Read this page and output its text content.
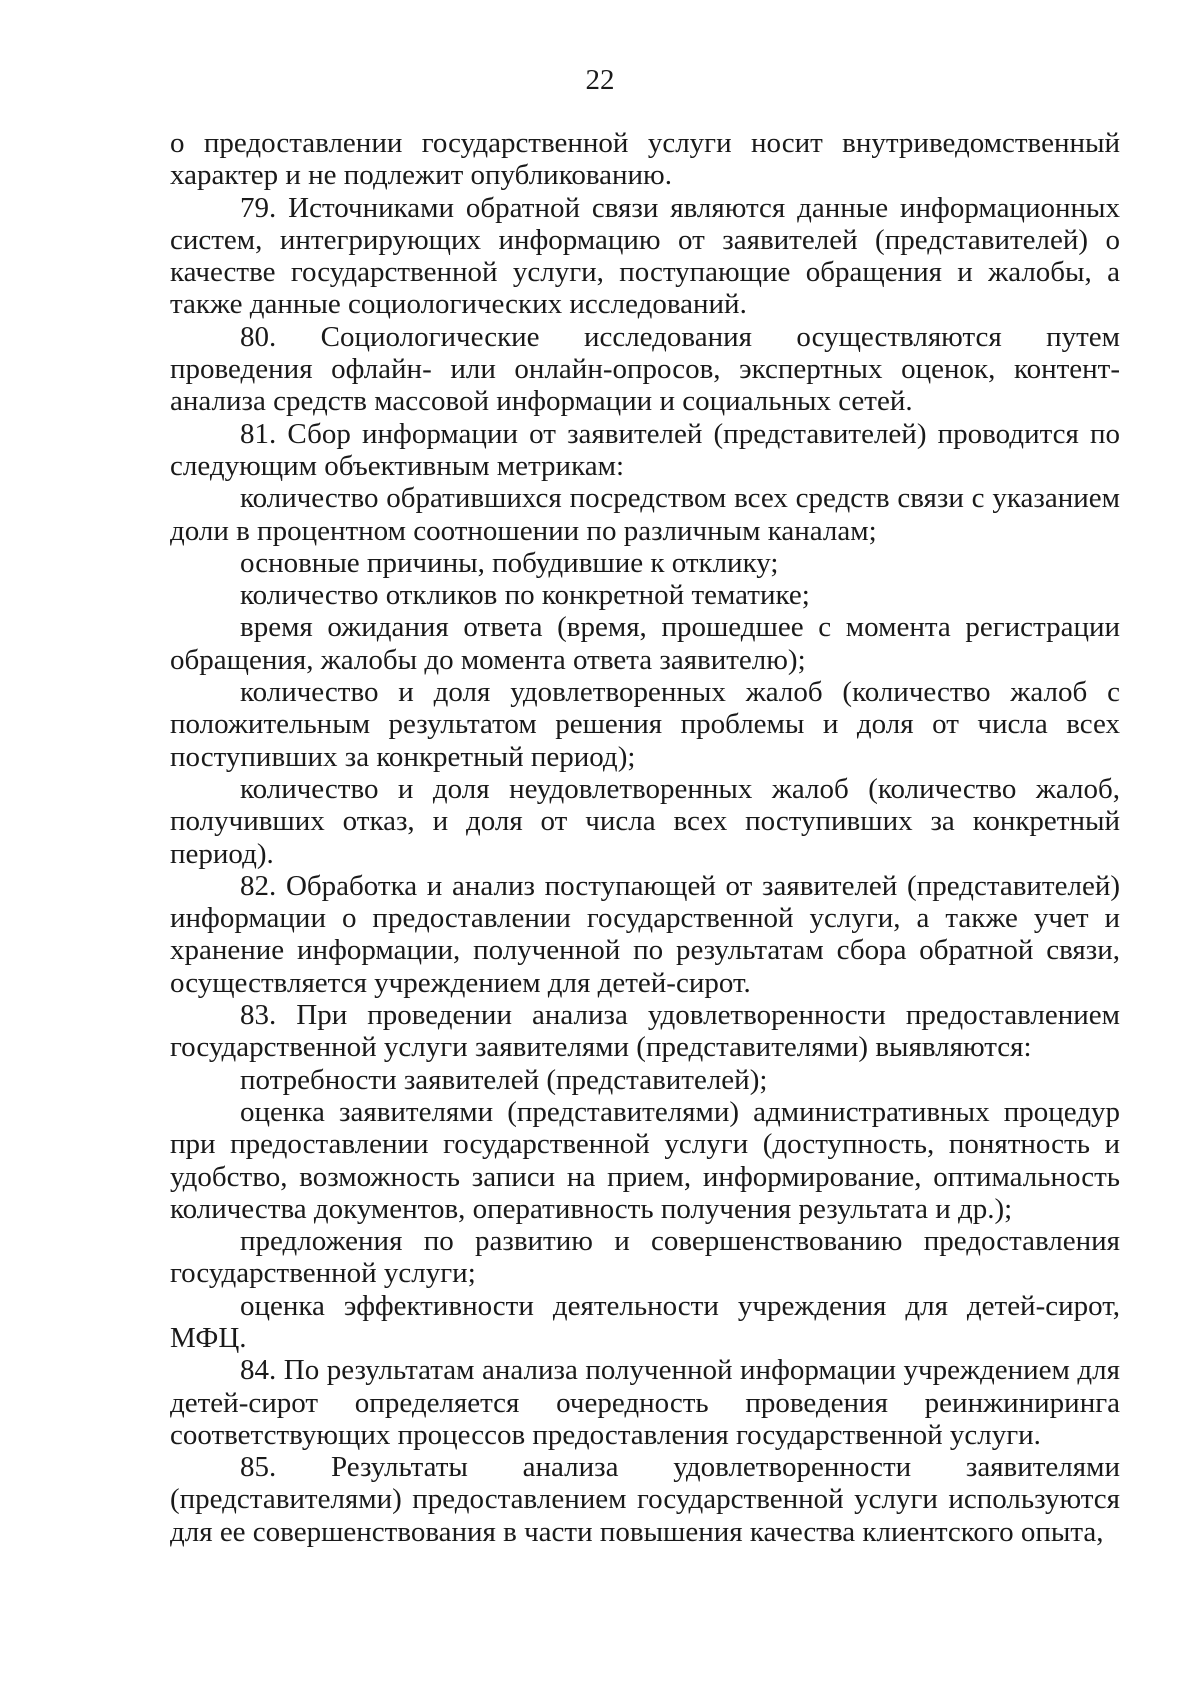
22

о предоставлении государственной услуги носит внутриведомственный характер и не подлежит опубликованию.

79. Источниками обратной связи являются данные информационных систем, интегрирующих информацию от заявителей (представителей) о качестве государственной услуги, поступающие обращения и жалобы, а также данные социологических исследований.

80. Социологические исследования осуществляются путем проведения офлайн- или онлайн-опросов, экспертных оценок, контент-анализа средств массовой информации и социальных сетей.

81. Сбор информации от заявителей (представителей) проводится по следующим объективным метрикам:

количество обратившихся посредством всех средств связи с указанием доли в процентном соотношении по различным каналам;

основные причины, побудившие к отклику;

количество откликов по конкретной тематике;

время ожидания ответа (время, прошедшее с момента регистрации обращения, жалобы до момента ответа заявителю);

количество и доля удовлетворенных жалоб (количество жалоб с положительным результатом решения проблемы и доля от числа всех поступивших за конкретный период);

количество и доля неудовлетворенных жалоб (количество жалоб, получивших отказ, и доля от числа всех поступивших за конкретный период).

82. Обработка и анализ поступающей от заявителей (представителей) информации о предоставлении государственной услуги, а также учет и хранение информации, полученной по результатам сбора обратной связи, осуществляется учреждением для детей-сирот.

83. При проведении анализа удовлетворенности предоставлением государственной услуги заявителями (представителями) выявляются:

потребности заявителей (представителей);

оценка заявителями (представителями) административных процедур при предоставлении государственной услуги (доступность, понятность и удобство, возможность записи на прием, информирование, оптимальность количества документов, оперативность получения результата и др.);

предложения по развитию и совершенствованию предоставления государственной услуги;

оценка эффективности деятельности учреждения для детей-сирот, МФЦ.

84. По результатам анализа полученной информации учреждением для детей-сирот определяется очередность проведения реинжиниринга соответствующих процессов предоставления государственной услуги.

85. Результаты анализа удовлетворенности заявителями (представителями) предоставлением государственной услуги используются для ее совершенствования в части повышения качества клиентского опыта,
